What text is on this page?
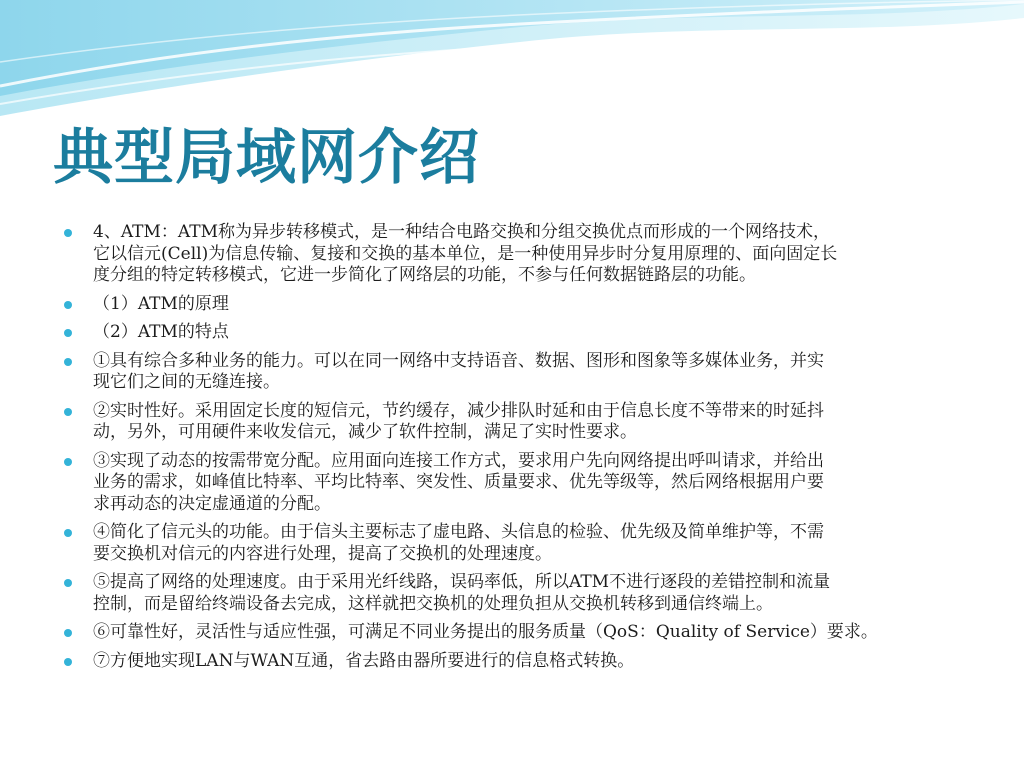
典型局域网介绍
4、ATM：ATM称为异步转移模式，是一种结合电路交换和分组交换优点而形成的一个网络技术，
它以信元(Cell)为信息传输、复接和交换的基本单位，是一种使用异步时分复用原理的、面向固定长
度分组的特定转移模式，它进一步简化了网络层的功能，不参与任何数据链路层的功能。
（1）ATM的原理
（2）ATM的特点
①具有综合多种业务的能力。可以在同一网络中支持语音、数据、图形和图象等多媒体业务，并实
现它们之间的无缝连接。
②实时性好。采用固定长度的短信元，节约缓存，减少排队时延和由于信息长度不等带来的时延抖
动，另外，可用硬件来收发信元，减少了软件控制，满足了实时性要求。
③实现了动态的按需带宽分配。应用面向连接工作方式，要求用户先向网络提出呼叫请求，并给出
业务的需求，如峰值比特率、平均比特率、突发性、质量要求、优先等级等，然后网络根据用户要
求再动态的决定虚通道的分配。
④简化了信元头的功能。由于信头主要标志了虚电路、头信息的检验、优先级及简单维护等，不需
要交换机对信元的内容进行处理，提高了交换机的处理速度。
⑤提高了网络的处理速度。由于采用光纤线路，误码率低，所以ATM不进行逐段的差错控制和流量
控制，而是留给终端设备去完成，这样就把交换机的处理负担从交换机转移到通信终端上。
⑥可靠性好，灵活性与适应性强，可满足不同业务提出的服务质量（QoS：Quality of Service）要求。
⑦方便地实现LAN与WAN互通，省去路由器所要进行的信息格式转换。
